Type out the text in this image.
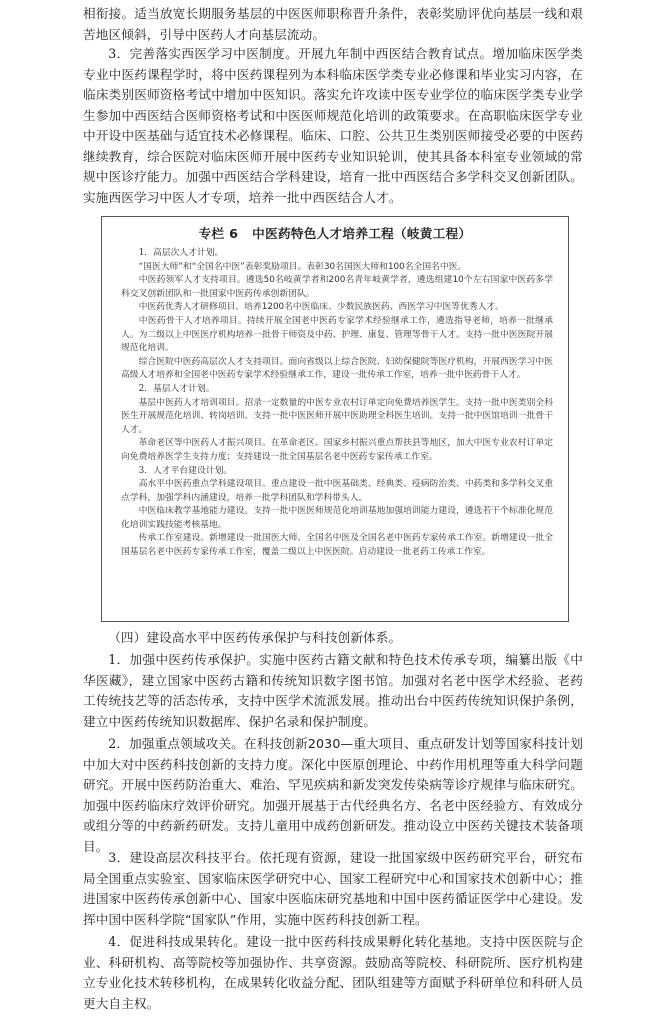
相衔接。适当放宽长期服务基层的中医医师职称晋升条件，表彰奖励评优向基层一线和艰苦地区倾斜，引导中医药人才向基层流动。

3．完善落实西医学习中医制度。开展九年制中西医结合教育试点。增加临床医学类专业中医药课程学时，将中医药课程列为本科临床医学类专业必修课和毕业实习内容，在临床类别医师资格考试中增加中医知识。落实允许攻读中医专业学位的临床医学类专业学生参加中西医结合医师资格考试和中医医师规范化培训的政策要求。在高职临床医学专业中开设中医基础与适宜技术必修课程。临床、口腔、公共卫生类别医师接受必要的中医药继续教育，综合医院对临床医师开展中医药专业知识轮训，使其具备本科室专业领域的常规中医诊疗能力。加强中西医结合学科建设，培育一批中西医结合多学科交叉创新团队。实施西医学习中医人才专项，培养一批中西医结合人才。

专栏 6 中医药特色人才培养工程（岐黄工程）
1．高层次人才计划。
“国医大师”和“全国名中医”表彰奖励项目。表彰30名国医大师和100名全国名中医。
中医药领军人才支持项目。遴选50名岐黄学者和200名青年岐黄学者，遴选组建10个左右国家中医药多学科交叉创新团队和一批国家中医药传承创新团队。
中医药优秀人才研修项目。培养1200名中医临床、少数民族医药、西医学习中医等优秀人才。
中医药骨干人才培养项目。持续开展全国老中医药专家学术经验继承工作，遴选指导老师，培养一批继承人。为二级以上中医医疗机构培养一批骨干师资及中药、护理、康复、管理等骨干人才。支持一批中医医院开展规范化培训。
综合医院中医药高层次人才支持项目。面向省级以上综合医院、妇幼保健院等医疗机构，开展西医学习中医高级人才培养和全国老中医药专家学术经验继承工作，建设一批传承工作室，培养一批中医药骨干人才。
2．基层人才计划。
基层中医药人才培训项目。招录一定数量的中医专业农村订单定向免费培养医学生。支持一批中医类别全科医生开展规范化培训、转岗培训。支持一批中医医师开展中医助理全科医生培训。支持一批中医馆培训一批骨干人才。
革命老区等中医药人才振兴项目。在革命老区、国家乡村振兴重点帮扶县等地区，加大中医专业农村订单定向免费培养医学生支持力度；支持建设一批全国基层名老中医药专家传承工作室。
3．人才平台建设计划。
高水平中医药重点学科建设项目。重点建设一批中医基础类、经典类、疫病防治类、中药类和多学科交叉重点学科，加强学科内涵建设，培养一批学科团队和学科带头人。
中医临床教学基地能力建设。支持一批中医医师规范化培训基地加强培训能力建设，遴选若干个标准化规范化培训实践技能考核基地。
传承工作室建设。新增建设一批国医大师、全国名中医及全国名老中医药专家传承工作室。新增建设一批全国基层名老中医药专家传承工作室，覆盖二级以上中医医院。启动建设一批老药工传承工作室。

（四）建设高水平中医药传承保护与科技创新体系。

1．加强中医药传承保护。实施中医药古籍文献和特色技术传承专项，编纂出版《中华医藏》，建立国家中医药古籍和传统知识数字图书馆。加强对名老中医学术经验、老药工传统技艺等的活态传承，支持中医学术流派发展。推动出台中医药传统知识保护条例，建立中医药传统知识数据库、保护名录和保护制度。

2．加强重点领域攻关。在科技创新2030—重大项目、重点研发计划等国家科技计划中加大对中医药科技创新的支持力度。深化中医原创理论、中药作用机理等重大科学问题研究。开展中医药防治重大、难治、罕见疾病和新发突发传染病等诊疗规律与临床研究。加强中医药临床疗效评价研究。加强开展基于古代经典名方、名老中医经验方、有效成分或组分等的中药新药研发。支持儿童用中成药创新研发。推动设立中医药关键技术装备项目。

3．建设高层次科技平台。依托现有资源，建设一批国家级中医药研究平台，研究布局全国重点实验室、国家临床医学研究中心、国家工程研究中心和国家技术创新中心；推进国家中医药传承创新中心、国家中医临床研究基地和中国中医药循证医学中心建设。发挥中国中医科学院“国家队”作用，实施中医药科技创新工程。

4．促进科技成果转化。建设一批中医药科技成果孵化转化基地。支持中医医院与企业、科研机构、高等院校等加强协作、共享资源。鼓励高等院校、科研院所、医疗机构建立专业化技术转移机构，在成果转化收益分配、团队组建等方面赋予科研单位和科研人员更大自主权。
